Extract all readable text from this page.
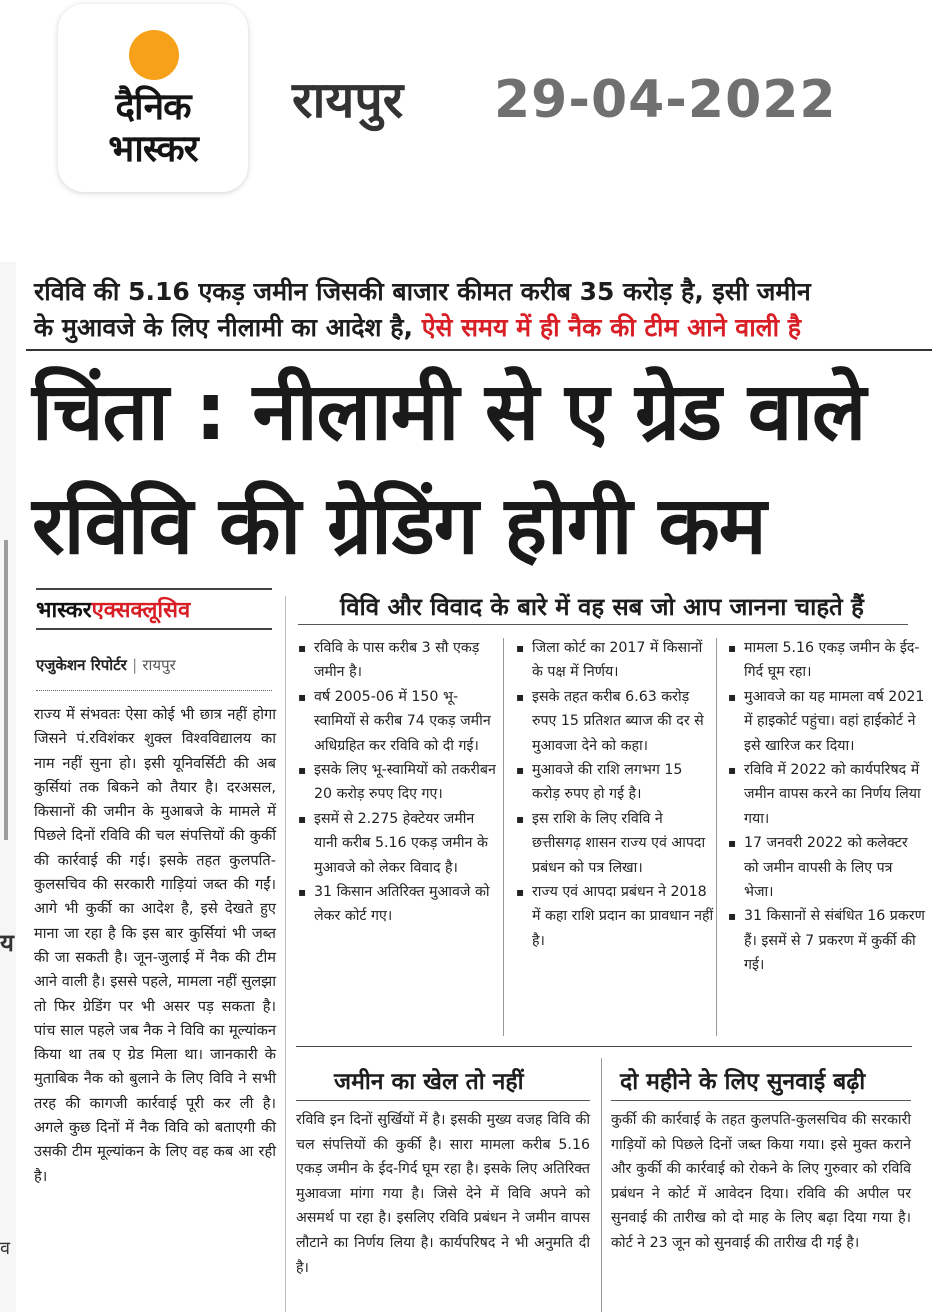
दैनिक
भास्कर
रायपुर 29-04-2022
य
व
रविवि की 5.16 एकड़ जमीन जिसकी बाजार कीमत करीब 35 करोड़ है, इसी जमीन
के मुआवजे के लिए नीलामी का आदेश है, ऐसे समय में ही नैक की टीम आने वाली है
चिंता : नीलामी से ए ग्रेड वाले
रविवि की ग्रेडिंग होगी कम
भास्करएक्सक्लूसिव
एजुकेशन रिपोर्टर | रायपुर
राज्य में संभवतः ऐसा कोई भी छात्र नहीं होगा जिसने पं.रविशंकर शुक्ल विश्वविद्यालय का नाम नहीं सुना हो। इसी यूनिवर्सिटी की अब कुर्सियां तक बिकने को तैयार है। दरअसल, किसानों की जमीन के मुआबजे के मामले में पिछले दिनों रविवि की चल संपत्तियों की कुर्की की कार्रवाई की गई। इसके तहत कुलपति-कुलसचिव की सरकारी गाड़ियां जब्त की गईं। आगे भी कुर्की का आदेश है, इसे देखते हुए माना जा रहा है कि इस बार कुर्सियां भी जब्त की जा सकती है। जून-जुलाई में नैक की टीम आने वाली है। इससे पहले, मामला नहीं सुलझा तो फिर ग्रेडिंग पर भी असर पड़ सकता है। पांच साल पहले जब नैक ने विवि का मूल्यांकन किया था तब ए ग्रेड मिला था। जानकारी के मुताबिक नैक को बुलाने के लिए विवि ने सभी तरह की कागजी कार्रवाई पूरी कर ली है। अगले कुछ दिनों में नैक विवि को बताएगी की उसकी टीम मूल्यांकन के लिए वह कब आ रही है।
विवि और विवाद के बारे में वह सब जो आप जानना चाहते हैं
▪ रविवि के पास करीब 3 सौ एकड़ जमीन है।
▪ वर्ष 2005-06 में 150 भू-स्वामियों से करीब 74 एकड़ जमीन अधिग्रहित कर रविवि को दी गई।
▪ इसके लिए भू-स्वामियों को तकरीबन 20 करोड़ रुपए दिए गए।
▪ इसमें से 2.275 हेक्टेयर जमीन यानी करीब 5.16 एकड़ जमीन के मुआवजे को लेकर विवाद है।
▪ 31 किसान अतिरिक्त मुआवजे को लेकर कोर्ट गए।
▪ जिला कोर्ट का 2017 में किसानों के पक्ष में निर्णय।
▪ इसके तहत करीब 6.63 करोड़ रुपए 15 प्रतिशत ब्याज की दर से मुआवजा देने को कहा।
▪ मुआवजे की राशि लगभग 15 करोड़ रुपए हो गई है।
▪ इस राशि के लिए रविवि ने छत्तीसगढ़ शासन राज्य एवं आपदा प्रबंधन को पत्र लिखा।
▪ राज्य एवं आपदा प्रबंधन ने 2018 में कहा राशि प्रदान का प्रावधान नहीं है।
▪ मामला 5.16 एकड़ जमीन के ईद-गिर्द घूम रहा।
▪ मुआवजे का यह मामला वर्ष 2021 में हाइकोर्ट पहुंचा। वहां हाईकोर्ट ने इसे खारिज कर दिया।
▪ रविवि में 2022 को कार्यपरिषद में जमीन वापस करने का निर्णय लिया गया।
▪ 17 जनवरी 2022 को कलेक्टर को जमीन वापसी के लिए पत्र भेजा।
▪ 31 किसानों से संबंधित 16 प्रकरण हैं। इसमें से 7 प्रकरण में कुर्की की गई।
जमीन का खेल तो नहीं
रविवि इन दिनों सुर्खियों में है। इसकी मुख्य वजह विवि की चल संपत्तियों की कुर्की है। सारा मामला करीब 5.16 एकड़ जमीन के ईद-गिर्द घूम रहा है। इसके लिए अतिरिक्त मुआवजा मांगा गया है। जिसे देने में विवि अपने को असमर्थ पा रहा है। इसलिए रविवि प्रबंधन ने जमीन वापस लौटाने का निर्णय लिया है। कार्यपरिषद ने भी अनुमति दी है।
दो महीने के लिए सुनवाई बढ़ी
कुर्की की कार्रवाई के तहत कुलपति-कुलसचिव की सरकारी गाड़ियों को पिछले दिनों जब्त किया गया। इसे मुक्त कराने और कुर्की की कार्रवाई को रोकने के लिए गुरुवार को रविवि प्रबंधन ने कोर्ट में आवेदन दिया। रविवि की अपील पर सुनवाई की तारीख को दो माह के लिए बढ़ा दिया गया है। कोर्ट ने 23 जून को सुनवाई की तारीख दी गई है।
